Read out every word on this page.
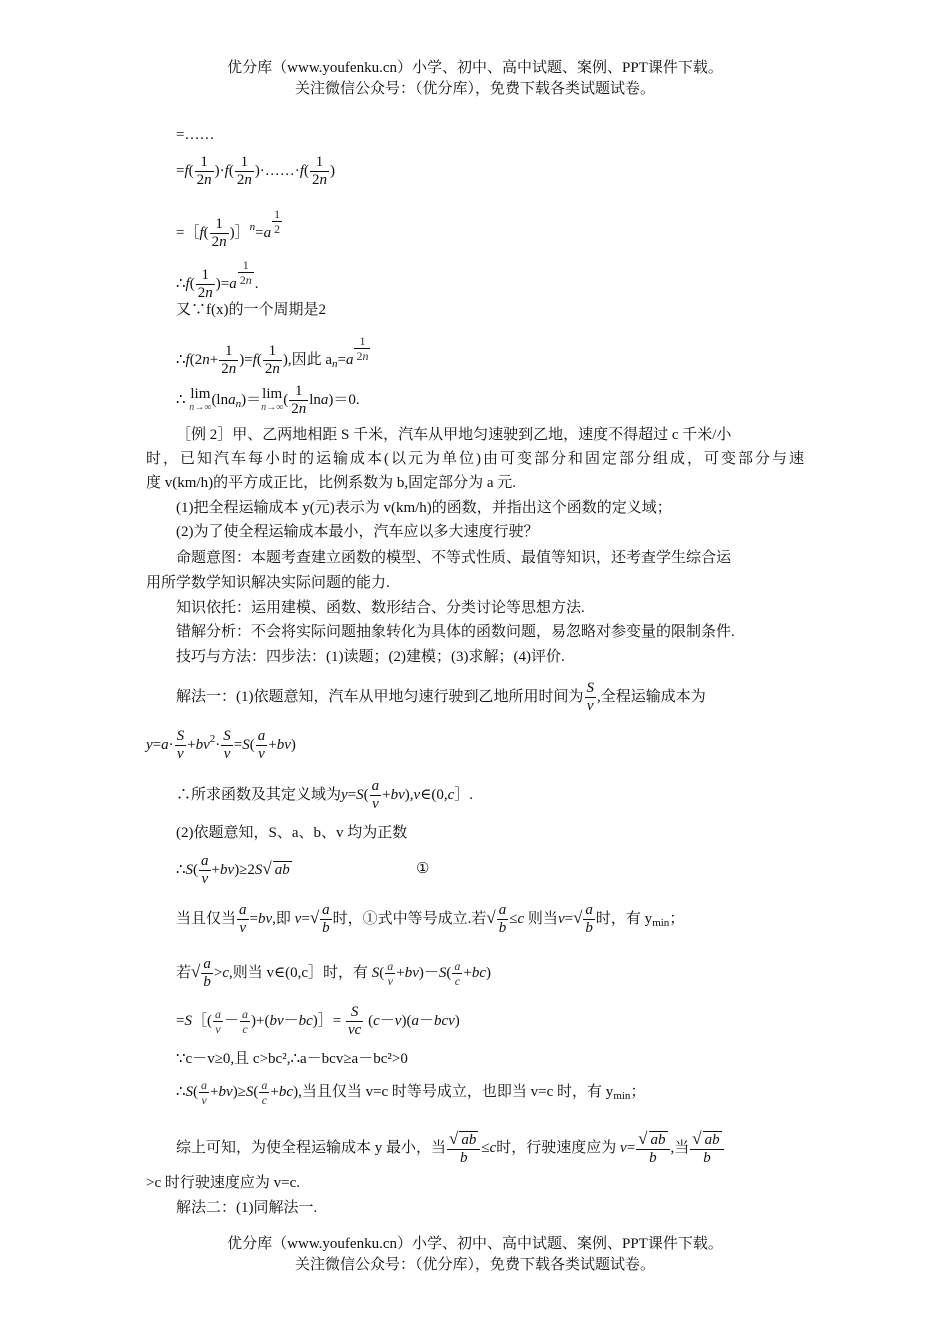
优分库（www.youfenku.cn）小学、初中、高中试题、案例、PPT课件下载。
关注微信公众号：（优分库），免费下载各类试题试卷。
=……
$=f( \frac{1}{2n} )\cdot f( \frac{1}{2n}$ )·……·f( $\frac{1}{2n}$ )
=［f( $\frac{1}{2n}$ )］$^n$=a $\frac{1}{2}$
∴f( $\frac{1}{2n} )=a \frac{1}{2n}$ .
又∵f(x)的一个周期是2
∴f(2n+ $\frac{1}{2n} )=f( \frac{1}{2n}$ ),因此 $a_n=a \frac{1}{2n}$
∴ lim
n→∞ (lna$_n$)＝lim
n→∞ ( $\frac{1}{2n} \ln a)=0$.
［例 2］甲、乙两地相距 S 千米，汽车从甲地匀速驶到乙地，速度不得超过 c 千米/小
时，已知汽车每小时的运输成本(以元为单位)由可变部分和固定部分组成，可变部分与速
度 v(km/h)的平方成正比，比例系数为 b,固定部分为 a 元.
(1)把全程运输成本 y(元)表示为 v(km/h)的函数，并指出这个函数的定义域；
(2)为了使全程运输成本最小，汽车应以多大速度行驶？
命题意图：本题考查建立函数的模型、不等式性质、最值等知识，还考查学生综合运
用所学数学知识解决实际问题的能力.
知识依托：运用建模、函数、数形结合、分类讨论等思想方法.
错解分析：不会将实际问题抽象转化为具体的函数问题，易忽略对参变量的限制条件.
技巧与方法：四步法：(1)读题；(2)建模；(3)求解；(4)评价.
解法一：(1)依题意知，汽车从甲地匀速行驶到乙地所用时间为 $\frac{S}{v}$ ,全程运输成本为
$y=a\cdot \frac{S}{v} +bv^2\cdot \frac{S}{v} =S( \frac{a}{v} +bv)$
∴所求函数及其定义域为$y=S( \frac{a}{v}$ +bv),v∈(0,c］.
(2)依题意知，S、a、b、v 均为正数
∴S( $\frac{a}{v} +bv)\ge 2S√$ ab	①
当且仅当 $\frac{a}{v} =bv$,即 $v=√ \frac{a}{b}$ 时，①式中等号成立.若√ $\frac{a}{b} \le c$ 则当$v=√ \frac{a}{b}$ 时，有 $y_{min}$；
若√ $\frac{a}{b} >c$,则当 v∈(0,c］时，有 $S( \frac{a}{v} +bv)-S( \frac{a}{c} +bc)$
=S［( $\frac{a}{v} - \frac{a}{c}$ )+(bv－bc)］= $\frac{S}{vc} (c-v)(a-bcv)$
∵c－v≥0,且 c>bc²,∴a－bcv≥a－bc²>0
∴S( $\frac{a}{v} +bv)\ge S( \frac{a}{c} +bc)$,当且仅当 v=c 时等号成立，也即当 v=c 时，有 $y_{min}$；
综上可知，为使全程运输成本 y 最小，当 $\frac{√ ab}{b} \le c$时，行驶速度应为 $v= \frac{√ ab}{b}$ ,当 $\frac{√ ab}{b}$
>c 时行驶速度应为 v=c.
解法二：(1)同解法一.
优分库（www.youfenku.cn）小学、初中、高中试题、案例、PPT课件下载。
关注微信公众号：（优分库），免费下载各类试题试卷。
